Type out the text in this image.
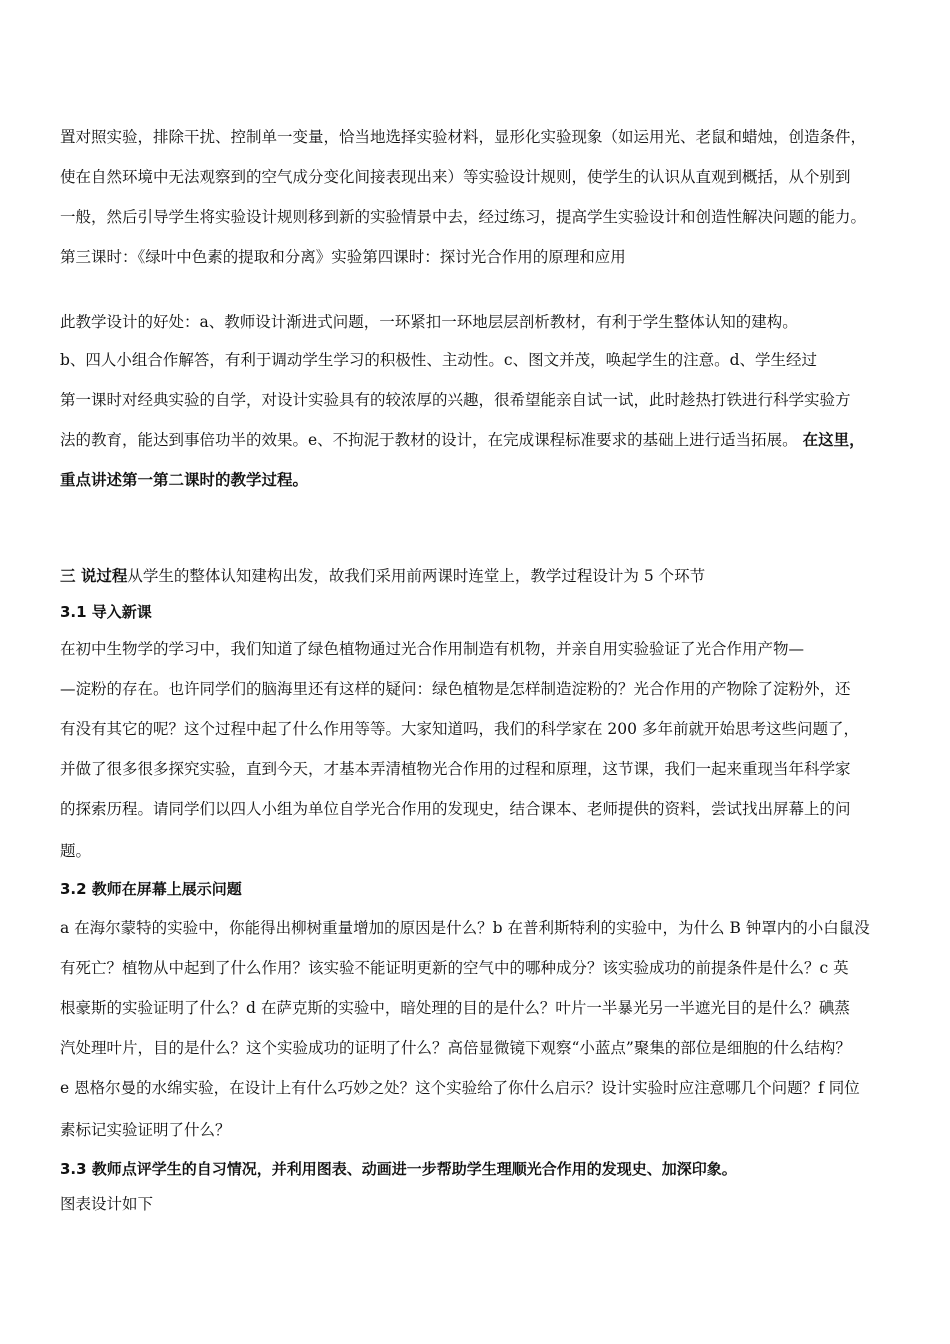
置对照实验，排除干扰、控制单一变量，恰当地选择实验材料，显形化实验现象（如运用光、老鼠和蜡烛，创造条件，
使在自然环境中无法观察到的空气成分变化间接表现出来）等实验设计规则，使学生的认识从直观到概括，从个别到
一般，然后引导学生将实验设计规则移到新的实验情景中去，经过练习，提高学生实验设计和创造性解决问题的能力。
第三课时：《绿叶中色素的提取和分离》实验第四课时：探讨光合作用的原理和应用
此教学设计的好处：a、教师设计渐进式问题，一环紧扣一环地层层剖析教材，有利于学生整体认知的建构。
b、四人小组合作解答，有利于调动学生学习的积极性、主动性。c、图文并茂，唤起学生的注意。d、学生经过
第一课时对经典实验的自学，对设计实验具有的较浓厚的兴趣，很希望能亲自试一试，此时趁热打铁进行科学实验方
法的教育，能达到事倍功半的效果。e、不拘泥于教材的设计，在完成课程标准要求的基础上进行适当拓展。 在这里，
重点讲述第一第二课时的教学过程。
三 说过程从学生的整体认知建构出发，故我们采用前两课时连堂上，教学过程设计为 5 个环节
3.1 导入新课
在初中生物学的学习中，我们知道了绿色植物通过光合作用制造有机物，并亲自用实验验证了光合作用产物—
—淀粉的存在。也许同学们的脑海里还有这样的疑问：绿色植物是怎样制造淀粉的？光合作用的产物除了淀粉外，还
有没有其它的呢？这个过程中起了什么作用等等。大家知道吗，我们的科学家在 200 多年前就开始思考这些问题了，
并做了很多很多探究实验，直到今天，才基本弄清植物光合作用的过程和原理，这节课，我们一起来重现当年科学家
的探索历程。请同学们以四人小组为单位自学光合作用的发现史，结合课本、老师提供的资料，尝试找出屏幕上的问
题。
3.2 教师在屏幕上展示问题
a 在海尔蒙特的实验中，你能得出柳树重量增加的原因是什么？b 在普利斯特利的实验中，为什么 B 钟罩内的小白鼠没
有死亡？植物从中起到了什么作用？该实验不能证明更新的空气中的哪种成分？该实验成功的前提条件是什么？c 英
根豪斯的实验证明了什么？d 在萨克斯的实验中，暗处理的目的是什么？叶片一半暴光另一半遮光目的是什么？碘蒸
汽处理叶片，目的是什么？这个实验成功的证明了什么？高倍显微镜下观察“小蓝点”聚集的部位是细胞的什么结构？
e 恩格尔曼的水绵实验，在设计上有什么巧妙之处？这个实验给了你什么启示？设计实验时应注意哪几个问题？f 同位
素标记实验证明了什么？
3.3 教师点评学生的自习情况，并利用图表、动画进一步帮助学生理顺光合作用的发现史、加深印象。
图表设计如下
